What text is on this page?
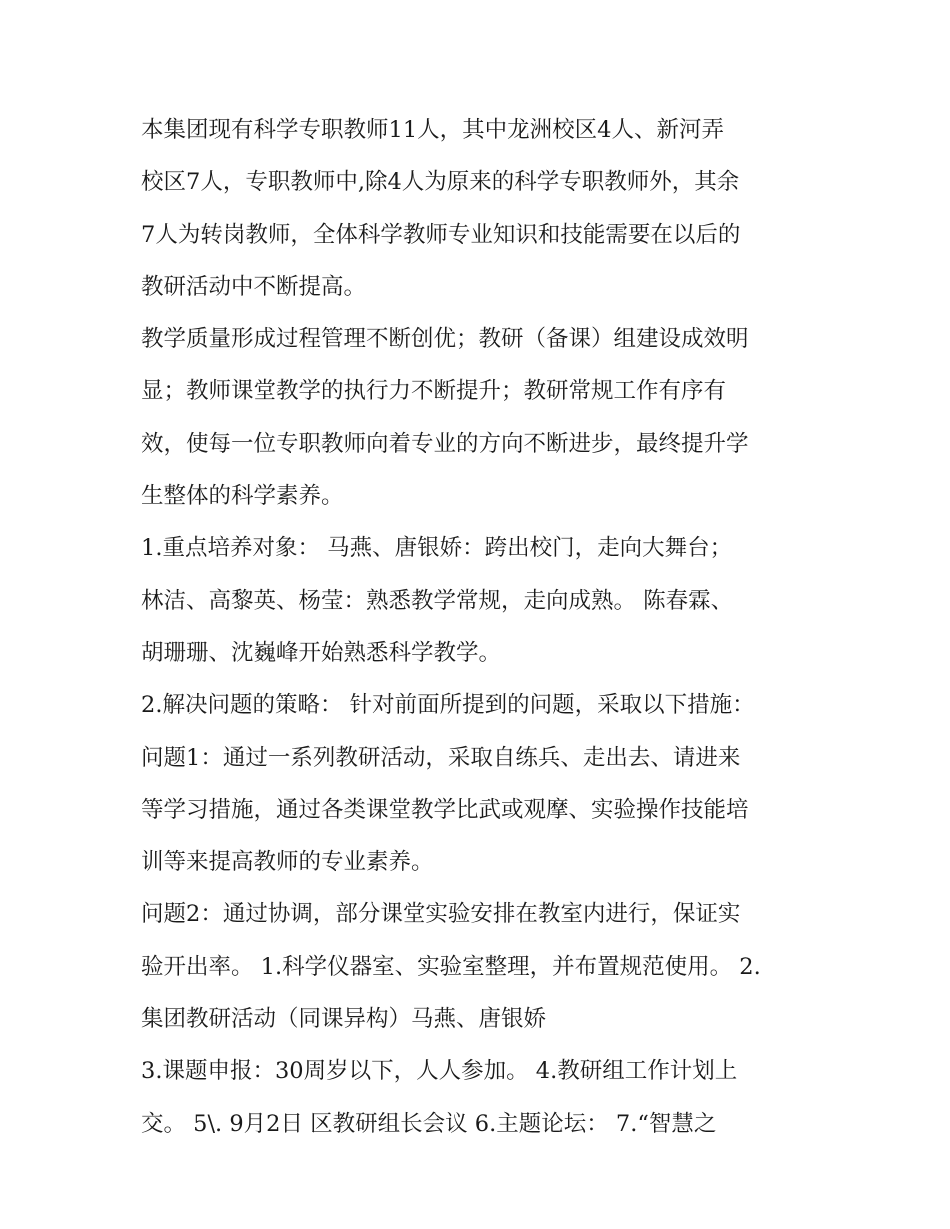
本集团现有科学专职教师11人，其中龙洲校区4人、新河弄
校区7人，专职教师中,除4人为原来的科学专职教师外，其余
7人为转岗教师，全体科学教师专业知识和技能需要在以后的
教研活动中不断提高。
教学质量形成过程管理不断创优；教研（备课）组建设成效明
显；教师课堂教学的执行力不断提升；教研常规工作有序有
效，使每一位专职教师向着专业的方向不断进步，最终提升学
生整体的科学素养。
1.重点培养对象： 马燕、唐银娇：跨出校门，走向大舞台；
林洁、高黎英、杨莹：熟悉教学常规，走向成熟。 陈春霖、
胡珊珊、沈巍峰开始熟悉科学教学。
2.解决问题的策略： 针对前面所提到的问题，采取以下措施：
问题1：通过一系列教研活动，采取自练兵、走出去、请进来
等学习措施，通过各类课堂教学比武或观摩、实验操作技能培
训等来提高教师的专业素养。
问题2：通过协调，部分课堂实验安排在教室内进行，保证实
验开出率。 1.科学仪器室、实验室整理，并布置规范使用。 2.
集团教研活动（同课异构）马燕、唐银娇
3.课题申报：30周岁以下，人人参加。 4.教研组工作计划上
交。 5\. 9月2日 区教研组长会议 6.主题论坛： 7.“智慧之
